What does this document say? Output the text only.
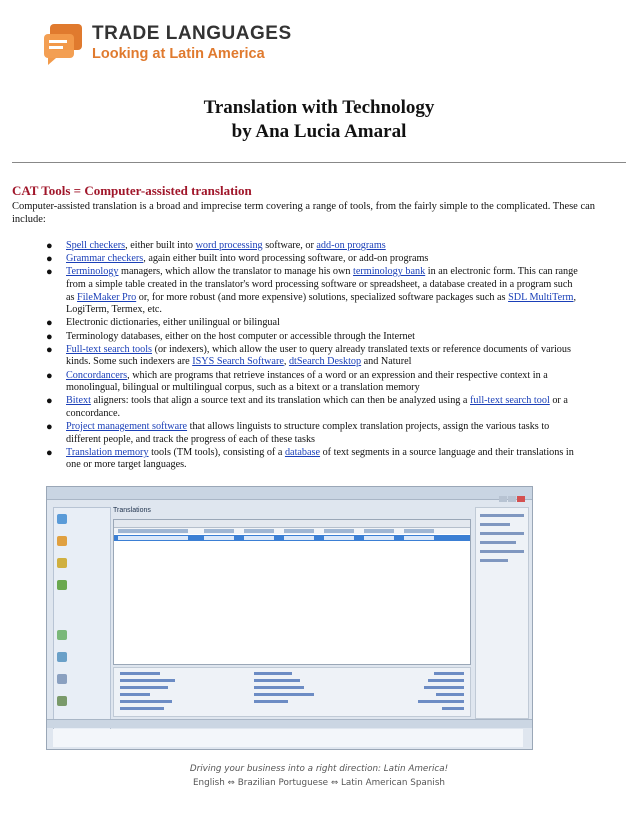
TRADE LANGUAGES
Looking at Latin America
Translation with Technology
by Ana Lucia Amaral
CAT Tools = Computer-assisted translation
Computer-assisted translation is a broad and imprecise term covering a range of tools, from the fairly simple to the complicated. These can include:
● Spell checkers, either built into word processing software, or add-on programs
● Grammar checkers, again either built into word processing software, or add-on programs
● Terminology managers, which allow the translator to manage his own terminology bank in an electronic form. This can range from a simple table created in the translator's word processing software or spreadsheet, a database created in a program such as FileMaker Pro or, for more robust (and more expensive) solutions, specialized software packages such as SDL MultiTerm, LogiTerm, Termex, etc.
● Electronic dictionaries, either unilingual or bilingual
● Terminology databases, either on the host computer or accessible through the Internet
● Full-text search tools (or indexers), which allow the user to query already translated texts or reference documents of various kinds. Some such indexers are ISYS Search Software, dtSearch Desktop and Naturel
● Concordancers, which are programs that retrieve instances of a word or an expression and their respective context in a monolingual, bilingual or multilingual corpus, such as a bitext or a translation memory
● Bitext aligners: tools that align a source text and its translation which can then be analyzed using a full-text search tool or a concordance.
● Project management software that allows linguists to structure complex translation projects, assign the various tasks to different people, and track the progress of each of these tasks
● Translation memory tools (TM tools), consisting of a database of text segments in a source language and their translations in one or more target languages.
Translations
Driving your business into a right direction: Latin America!
English ⇔ Brazilian Portuguese ⇔ Latin American Spanish
